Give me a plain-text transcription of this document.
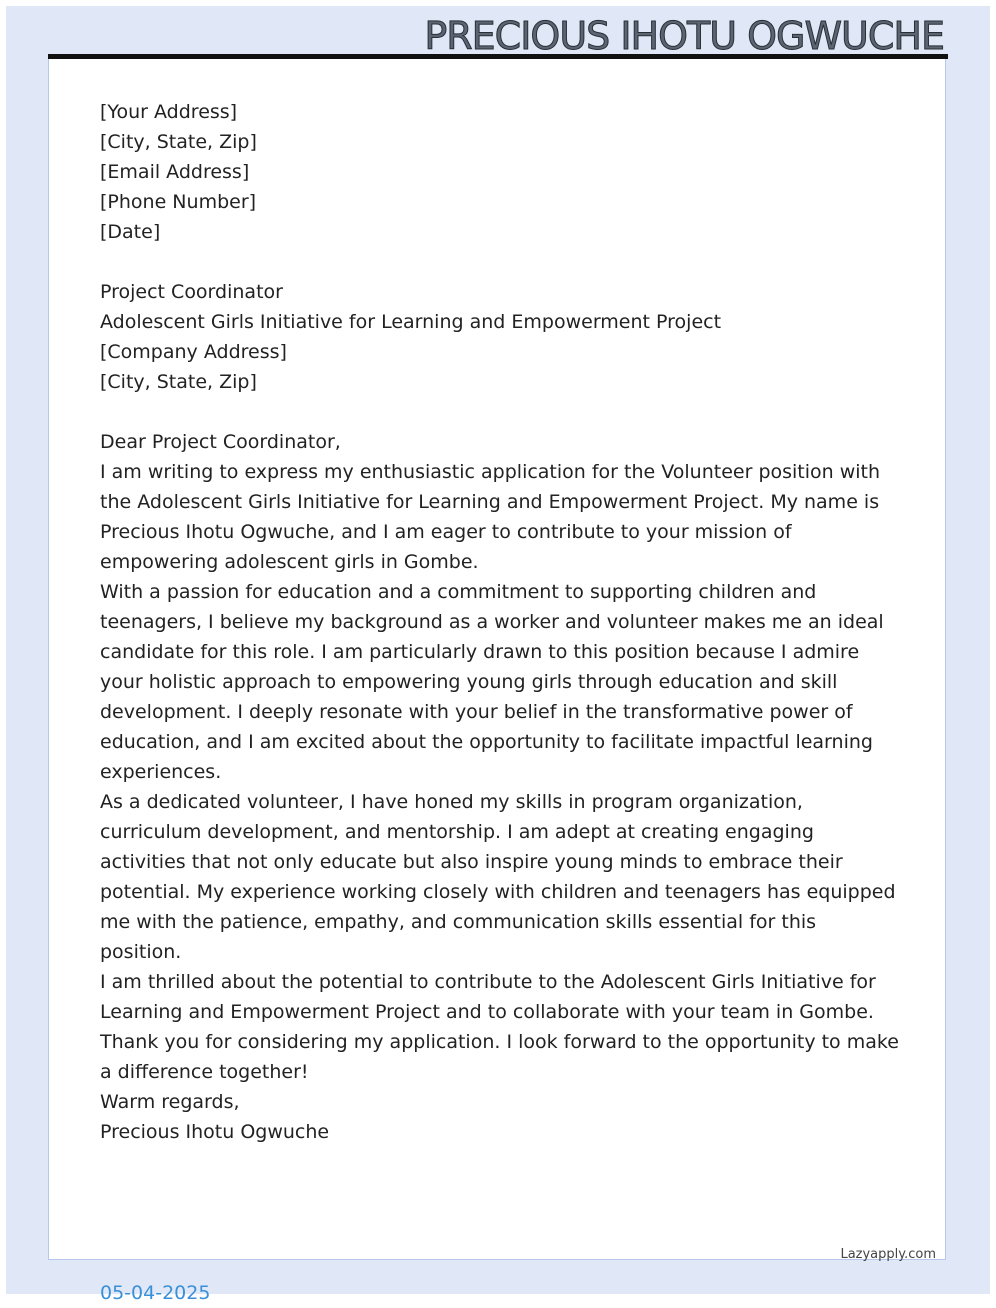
PRECIOUS IHOTU OGWUCHE

[Your Address]

[City, State, Zip]

[Email Address]

[Phone Number]

[Date]

Project Coordinator

Adolescent Girls Initiative for Learning and Empowerment Project

[Company Address]

[City, State, Zip]

Dear Project Coordinator,

I am writing to express my enthusiastic application for the Volunteer position with the Adolescent Girls Initiative for Learning and Empowerment Project. My name is Precious Ihotu Ogwuche, and I am eager to contribute to your mission of empowering adolescent girls in Gombe.

With a passion for education and a commitment to supporting children and teenagers, I believe my background as a worker and volunteer makes me an ideal candidate for this role. I am particularly drawn to this position because I admire your holistic approach to empowering young girls through education and skill development. I deeply resonate with your belief in the transformative power of education, and I am excited about the opportunity to facilitate impactful learning experiences.

As a dedicated volunteer, I have honed my skills in program organization, curriculum development, and mentorship. I am adept at creating engaging activities that not only educate but also inspire young minds to embrace their potential. My experience working closely with children and teenagers has equipped me with the patience, empathy, and communication skills essential for this position.

I am thrilled about the potential to contribute to the Adolescent Girls Initiative for Learning and Empowerment Project and to collaborate with your team in Gombe. Thank you for considering my application. I look forward to the opportunity to make a difference together!

Warm regards,

Precious Ihotu Ogwuche

05-04-2025
Lazyapply.com
